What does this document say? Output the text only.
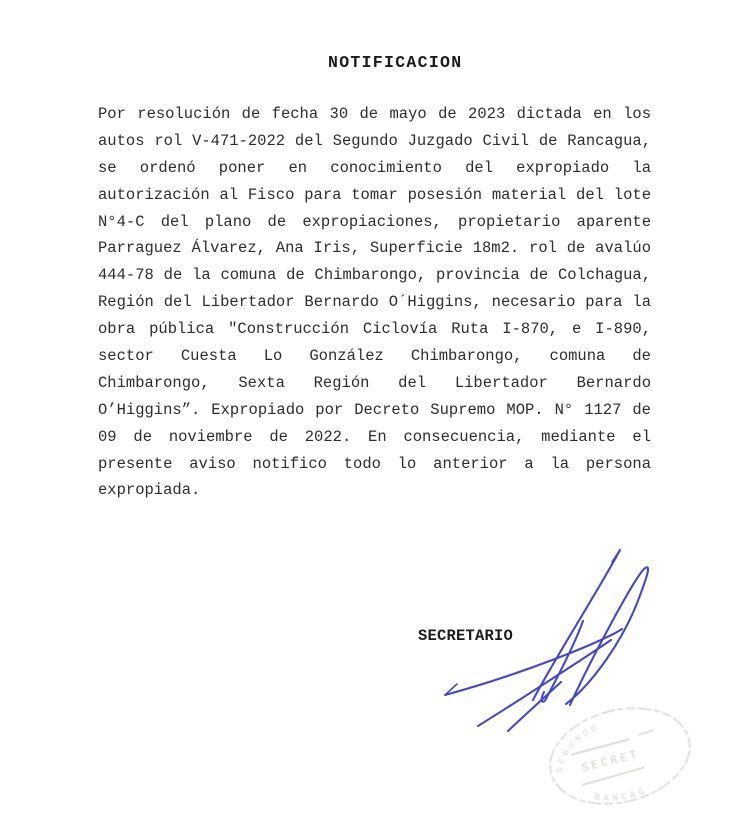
NOTIFICACION
Por resolución de fecha 30 de mayo de 2023 dictada en los
autos rol V-471-2022 del Segundo Juzgado Civil de Rancagua,
se ordenó poner en conocimiento del expropiado la
autorización al Fisco para tomar posesión material del lote
N°4-C del plano de expropiaciones, propietario aparente
Parraguez Álvarez, Ana Iris, Superficie 18m2. rol de avalúo
444-78 de la comuna de Chimbarongo, provincia de Colchagua,
Región del Libertador Bernardo O´Higgins, necesario para la
obra pública "Construcción Ciclovía Ruta I-870, e I-890,
sector Cuesta Lo González Chimbarongo, comuna de
Chimbarongo, Sexta Región del Libertador Bernardo
O’Higgins”. Expropiado por Decreto Supremo MOP. N° 1127 de
09 de noviembre de 2022. En consecuencia, mediante el
presente aviso notifico todo lo anterior a la persona
expropiada.
SECRETARIO
SEGUNDO
SECRET
RANCAG
